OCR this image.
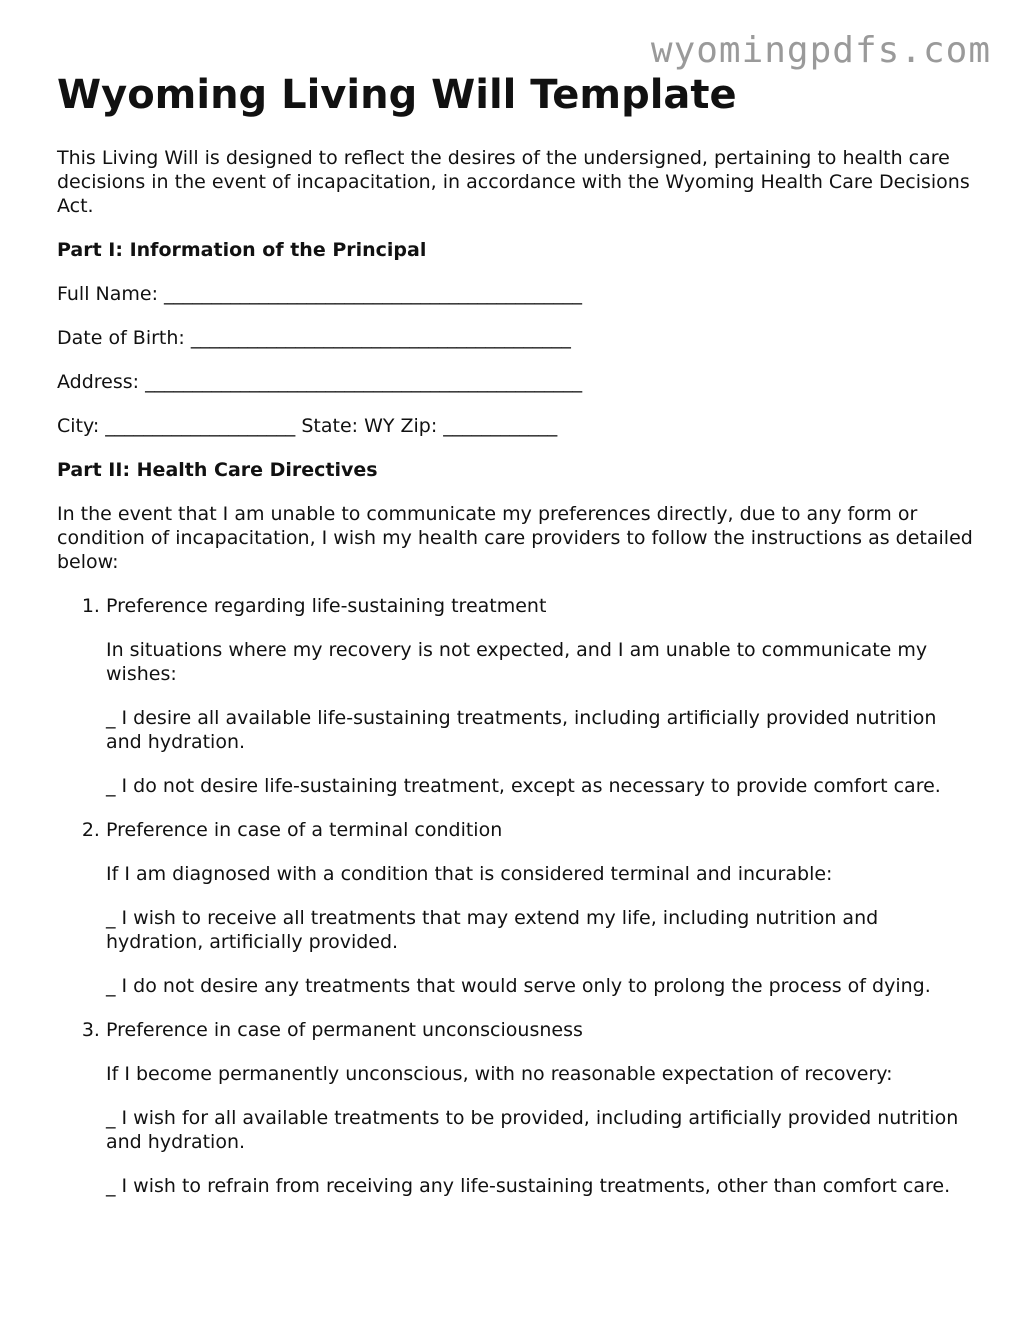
wyomingpdfs.com
Wyoming Living Will Template

This Living Will is designed to reflect the desires of the undersigned, pertaining to health care decisions in the event of incapacitation, in accordance with the Wyoming Health Care Decisions Act.

Part I: Information of the Principal

Full Name: ____________________________________________

Date of Birth: ________________________________________

Address: ______________________________________________

City: ____________________ State: WY Zip: ____________

Part II: Health Care Directives

In the event that I am unable to communicate my preferences directly, due to any form or condition of incapacitation, I wish my health care providers to follow the instructions as detailed below:

1. Preference regarding life-sustaining treatment

In situations where my recovery is not expected, and I am unable to communicate my wishes:

_ I desire all available life-sustaining treatments, including artificially provided nutrition and hydration.

_ I do not desire life-sustaining treatment, except as necessary to provide comfort care.

2. Preference in case of a terminal condition

If I am diagnosed with a condition that is considered terminal and incurable:

_ I wish to receive all treatments that may extend my life, including nutrition and hydration, artificially provided.

_ I do not desire any treatments that would serve only to prolong the process of dying.

3. Preference in case of permanent unconsciousness

If I become permanently unconscious, with no reasonable expectation of recovery:

_ I wish for all available treatments to be provided, including artificially provided nutrition and hydration.

_ I wish to refrain from receiving any life-sustaining treatments, other than comfort care.
